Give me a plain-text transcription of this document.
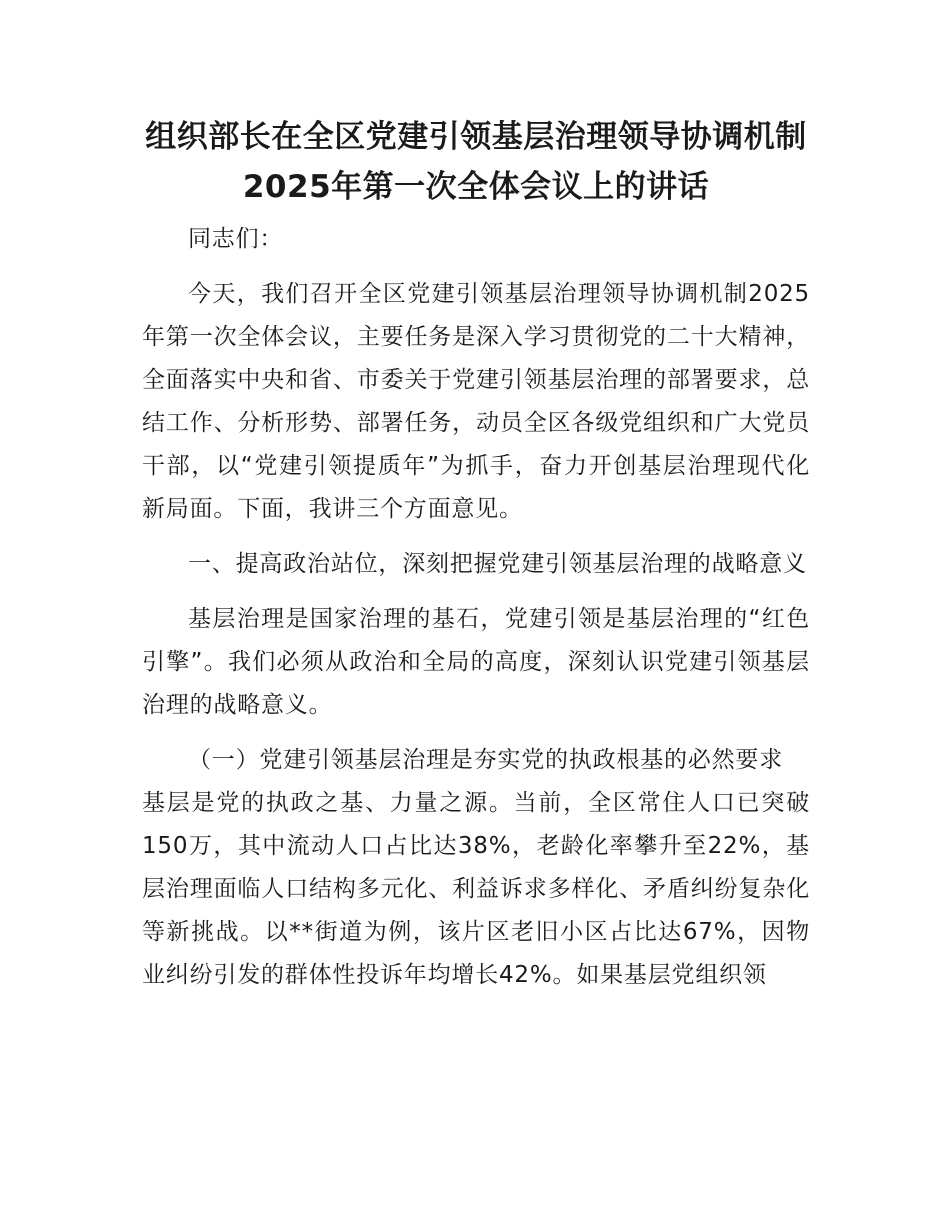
组织部长在全区党建引领基层治理领导协调机制2025年第一次全体会议上的讲话

同志们：

今天，我们召开全区党建引领基层治理领导协调机制2025年第一次全体会议，主要任务是深入学习贯彻党的二十大精神，全面落实中央和省、市委关于党建引领基层治理的部署要求，总结工作、分析形势、部署任务，动员全区各级党组织和广大党员干部，以“党建引领提质年”为抓手，奋力开创基层治理现代化新局面。下面，我讲三个方面意见。

一、提高政治站位，深刻把握党建引领基层治理的战略意义

基层治理是国家治理的基石，党建引领是基层治理的“红色引擎”。我们必须从政治和全局的高度，深刻认识党建引领基层治理的战略意义。

（一）党建引领基层治理是夯实党的执政根基的必然要求

基层是党的执政之基、力量之源。当前，全区常住人口已突破150万，其中流动人口占比达38%，老龄化率攀升至22%，基层治理面临人口结构多元化、利益诉求多样化、矛盾纠纷复杂化等新挑战。以**街道为例，该片区老旧小区占比达67%，因物业纠纷引发的群体性投诉年均增长42%。如果基层党组织领
